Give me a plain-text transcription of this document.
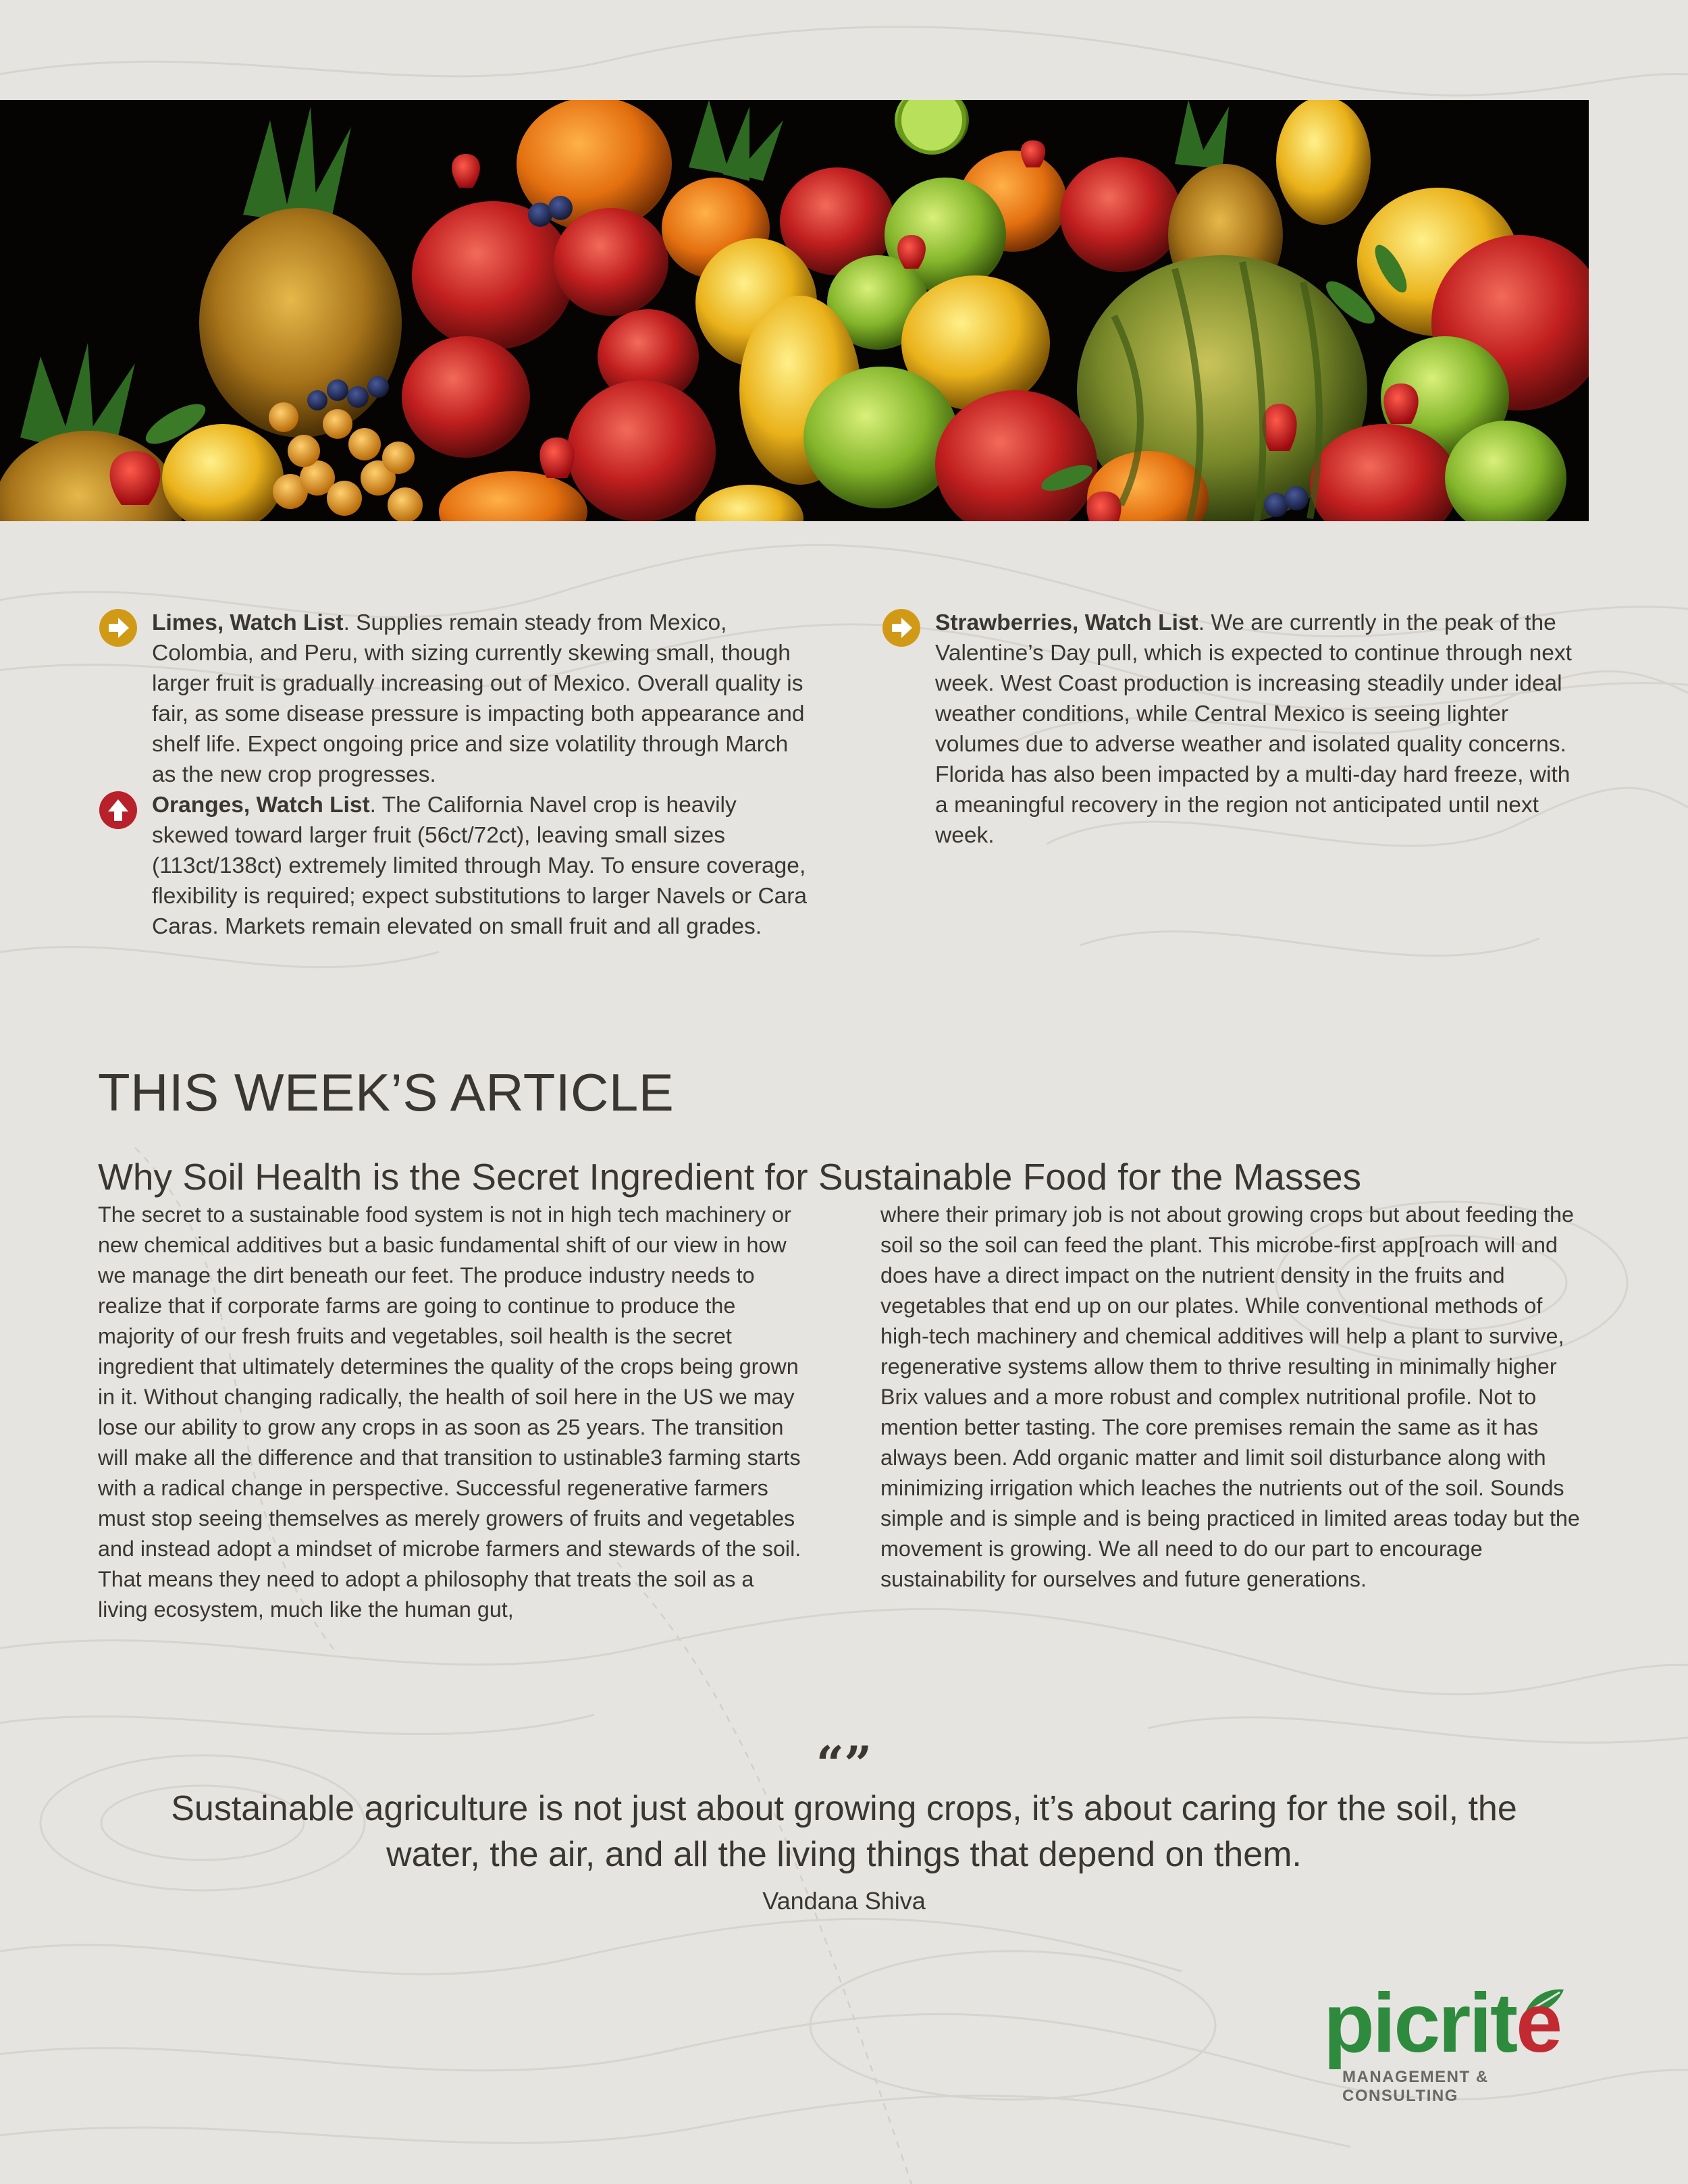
Limes, Watch List. Supplies remain steady from Mexico, Colombia, and Peru, with sizing currently skewing small, though larger fruit is gradually increasing out of Mexico. Overall quality is fair, as some disease pressure is impacting both appearance and shelf life. Expect ongoing price and size volatility through March as the new crop progresses.

Oranges, Watch List. The California Navel crop is heavily skewed toward larger fruit (56ct/72ct), leaving small sizes (113ct/138ct) extremely limited through May. To ensure coverage, flexibility is required; expect substitutions to larger Navels or Cara Caras. Markets remain elevated on small fruit and all grades.

Strawberries, Watch List. We are currently in the peak of the Valentine’s Day pull, which is expected to continue through next week. West Coast production is increasing steadily under ideal weather conditions, while Central Mexico is seeing lighter volumes due to adverse weather and isolated quality concerns. Florida has also been impacted by a multi-day hard freeze, with a meaningful recovery in the region not anticipated until next week.

THIS WEEK’S ARTICLE
Why Soil Health is the Secret Ingredient for Sustainable Food for the Masses

The secret to a sustainable food system is not in high tech machinery or new chemical additives but a basic fundamental shift of our view in how we manage the dirt beneath our feet. The produce industry needs to realize that if corporate farms are going to continue to produce the majority of our fresh fruits and vegetables, soil health is the secret ingredient that ultimately determines the quality of the crops being grown in it. Without changing radically, the health of soil here in the US we may lose our ability to grow any crops in as soon as 25 years. The transition will make all the difference and that transition to ustinable3 farming starts with a radical change in perspective. Successful regenerative farmers must stop seeing themselves as merely growers of fruits and vegetables and instead adopt a mindset of microbe farmers and stewards of the soil. That means they need to adopt a philosophy that treats the soil as a living ecosystem, much like the human gut,

where their primary job is not about growing crops but about feeding the soil so the soil can feed the plant. This microbe-first app[roach will and does have a direct impact on the nutrient density in the fruits and vegetables that end up on our plates. While conventional methods of high-tech machinery and chemical additives will help a plant to survive, regenerative systems allow them to thrive resulting in minimally higher Brix values and a more robust and complex nutritional profile. Not to mention better tasting. The core premises remain the same as it has always been. Add organic matter and limit soil disturbance along with minimizing irrigation which leaches the nutrients out of the soil. Sounds simple and is simple and is being practiced in limited areas today but the movement is growing. We all need to do our part to encourage sustainability for ourselves and future generations.

“”

Sustainable agriculture is not just about growing crops, it’s about caring for the soil, the water, the air, and all the living things that depend on them.

Vandana Shiva
picrite
MANAGEMENT & CONSULTING
